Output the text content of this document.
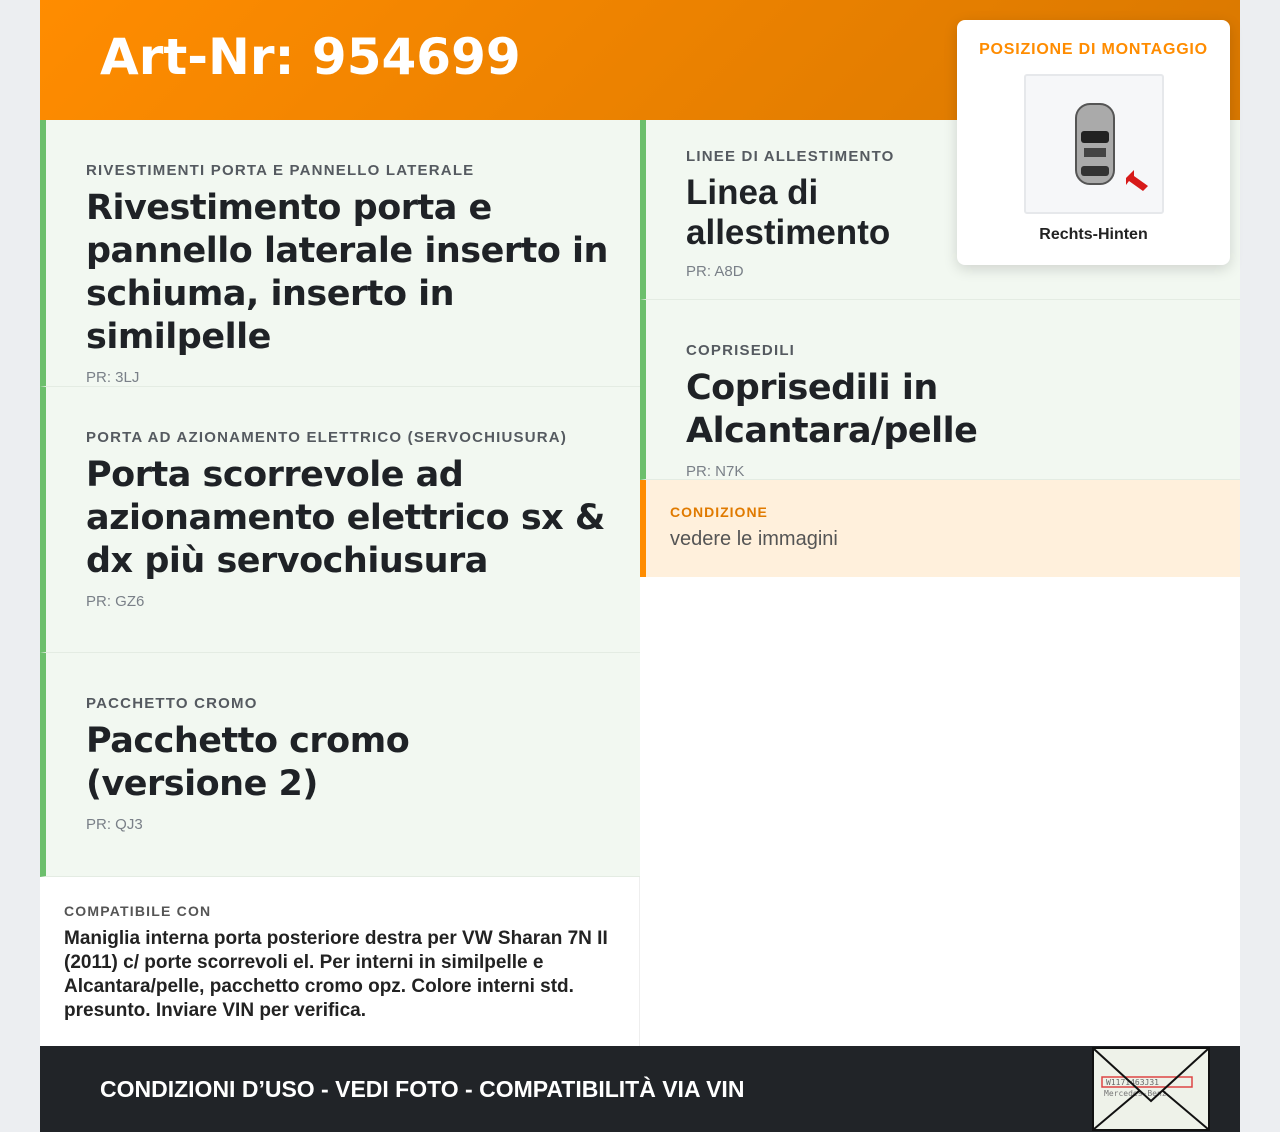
Art-Nr: 954699
RIVESTIMENTI PORTA E PANNELLO LATERALE
Rivestimento porta e pannello laterale inserto in schiuma, inserto in similpelle
PR: 3LJ
PORTA AD AZIONAMENTO ELETTRICO (SERVOCHIUSURA)
Porta scorrevole ad azionamento elettrico sx & dx più servochiusura
PR: GZ6
PACCHETTO CROMO
Pacchetto cromo (versione 2)
PR: QJ3
LINEE DI ALLESTIMENTO
Linea di allestimento
PR: A8D
COPRISEDILI
Coprisedili in Alcantara/pelle
PR: N7K
CONDIZIONE
vedere le immagini
COMPATIBILE CON
Maniglia interna porta posteriore destra per VW Sharan 7N II (2011) c/ porte scorrevoli el. Per interni in similpelle e Alcantara/pelle, pacchetto cromo opz. Colore interni std. presunto. Inviare VIN per verifica.
CONDIZIONI D’USO - VEDI FOTO - COMPATIBILITÀ VIA VIN	W1171463J31
Mercedes-Benz
POSIZIONE DI MONTAGGIO
Rechts-Hinten
